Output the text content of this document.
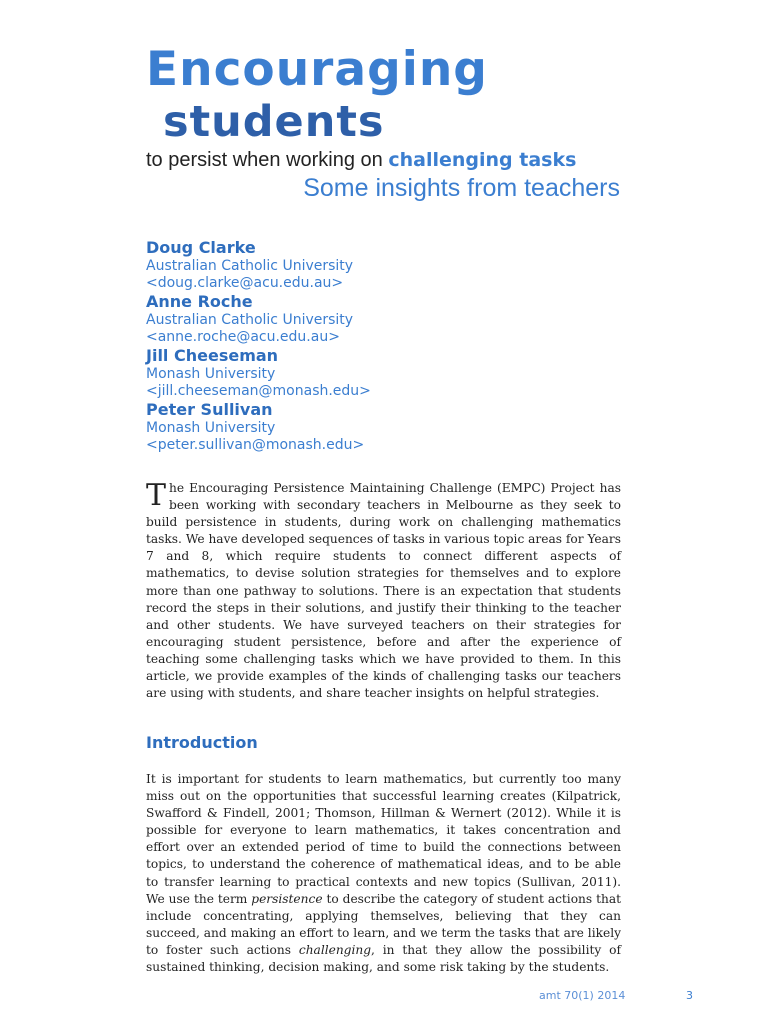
Encouraging
students
to persist when working on challenging tasks
Some insights from teachers
Doug Clarke
Australian Catholic University
<doug.clarke@acu.edu.au>
Anne Roche
Australian Catholic University
<anne.roche@acu.edu.au>
Jill Cheeseman
Monash University
<jill.cheeseman@monash.edu>
Peter Sullivan
Monash University
<peter.sullivan@monash.edu>

The Encouraging Persistence Maintaining Challenge (EMPC) Project has been working with secondary teachers in Melbourne as they seek to build persistence in students, during work on challenging mathematics tasks. We have developed sequences of tasks in various topic areas for Years 7 and 8, which require students to connect different aspects of mathematics, to devise solution strategies for themselves and to explore more than one pathway to solutions. There is an expectation that students record the steps in their solutions, and justify their thinking to the teacher and other students. We have surveyed teachers on their strategies for encouraging student persistence, before and after the experience of teaching some challenging tasks which we have provided to them. In this article, we provide examples of the kinds of challenging tasks our teachers are using with students, and share teacher insights on helpful strategies.

Introduction

It is important for students to learn mathematics, but currently too many miss out on the opportunities that successful learning creates (Kilpatrick, Swafford & Findell, 2001; Thomson, Hillman & Wernert (2012). While it is possible for everyone to learn mathematics, it takes concentration and effort over an extended period of time to build the connections between topics, to understand the coherence of mathematical ideas, and to be able to transfer learning to practical contexts and new topics (Sullivan, 2011). We use the term persistence to describe the category of student actions that include concentrating, applying themselves, believing that they can succeed, and making an effort to learn, and we term the tasks that are likely to foster such actions challenging, in that they allow the possibility of sustained thinking, decision making, and some risk taking by the students.

amt 70(1) 2014	3
